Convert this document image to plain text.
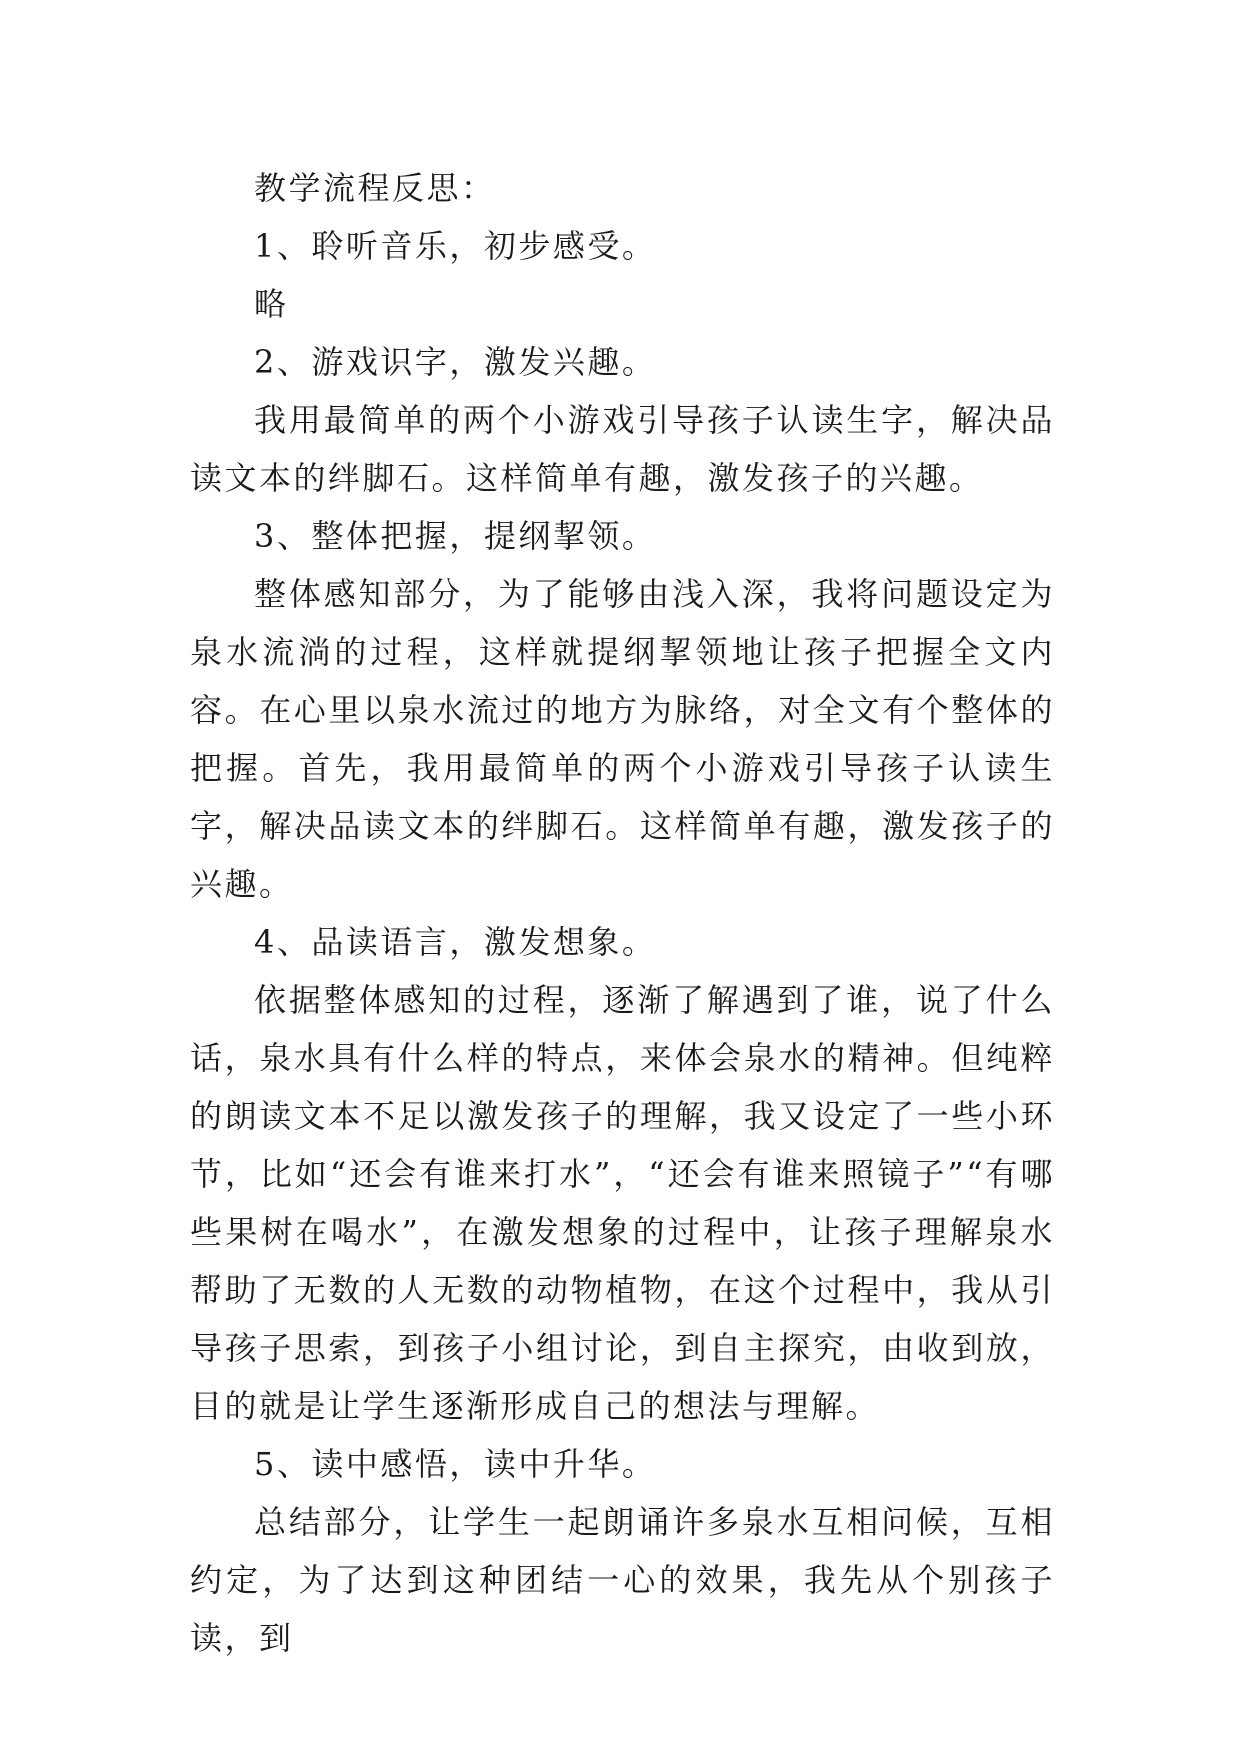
教学流程反思：

1、聆听音乐，初步感受。

略

2、游戏识字，激发兴趣。

我用最简单的两个小游戏引导孩子认读生字，解决品读文本的绊脚石。这样简单有趣，激发孩子的兴趣。

3、整体把握，提纲挈领。

整体感知部分，为了能够由浅入深，我将问题设定为泉水流淌的过程，这样就提纲挈领地让孩子把握全文内容。在心里以泉水流过的地方为脉络，对全文有个整体的把握。首先，我用最简单的两个小游戏引导孩子认读生字，解决品读文本的绊脚石。这样简单有趣，激发孩子的兴趣。

4、品读语言，激发想象。

依据整体感知的过程，逐渐了解遇到了谁，说了什么话，泉水具有什么样的特点，来体会泉水的精神。但纯粹的朗读文本不足以激发孩子的理解，我又设定了一些小环节，比如“还会有谁来打水”，“还会有谁来照镜子”“有哪些果树在喝水”，在激发想象的过程中，让孩子理解泉水帮助了无数的人无数的动物植物，在这个过程中，我从引导孩子思索，到孩子小组讨论，到自主探究，由收到放，目的就是让学生逐渐形成自己的想法与理解。

5、读中感悟，读中升华。

总结部分，让学生一起朗诵许多泉水互相问候，互相约定，为了达到这种团结一心的效果，我先从个别孩子读，到
